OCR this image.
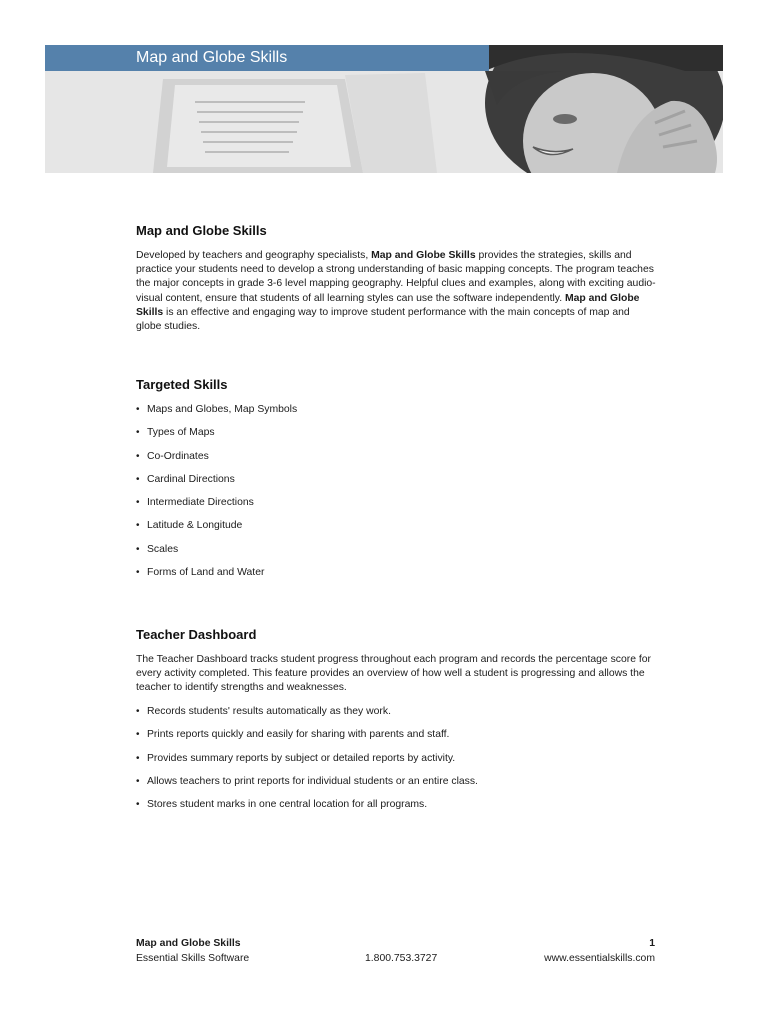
Map and Globe Skills
Map and Globe Skills

Developed by teachers and geography specialists, Map and Globe Skills provides the strategies, skills and practice your students need to develop a strong understanding of basic mapping concepts. The program teaches the major concepts in grade 3-6 level mapping geography. Helpful clues and examples, along with exciting audio-visual content, ensure that students of all learning styles can use the software independently. Map and Globe Skills is an effective and engaging way to improve student performance with the main concepts of map and globe studies.

Targeted Skills
• Maps and Globes, Map Symbols
• Types of Maps
• Co-Ordinates
• Cardinal Directions
• Intermediate Directions
• Latitude & Longitude
• Scales
• Forms of Land and Water
Teacher Dashboard

The Teacher Dashboard tracks student progress throughout each program and records the percentage score for every activity completed. This feature provides an overview of how well a student is progressing and allows the teacher to identify strengths and weaknesses.

• Records students' results automatically as they work.
• Prints reports quickly and easily for sharing with parents and staff.
• Provides summary reports by subject or detailed reports by activity.
• Allows teachers to print reports for individual students or an entire class.
• Stores student marks in one central location for all programs.
Map and Globe Skills	1
Essential Skills Software	1.800.753.3727	www.essentialskills.com
